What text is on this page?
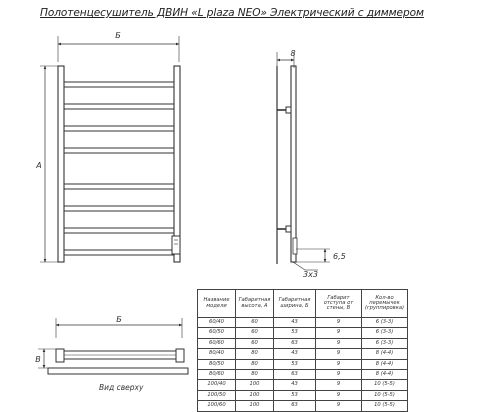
Полотенцесушитель ДВИН «L plaza NEO» Электрический с диммером
Б
A
8
6,5
3x3
Б
B
Вид сверху
Название модели	Габаритная высота, A	Габаритная ширина, Б	Габарит отступа от стены, B	Кол-во перемычек (группировка)
60/40	60	43	9	6 (3-3)
60/50	60	53	9	6 (3-3)
60/60	60	63	9	6 (3-3)
80/40	80	43	9	8 (4-4)
80/50	80	53	9	8 (4-4)
80/60	80	63	9	8 (4-4)
100/40	100	43	9	10 (5-5)
100/50	100	53	9	10 (5-5)
100/60	100	63	9	10 (5-5)
